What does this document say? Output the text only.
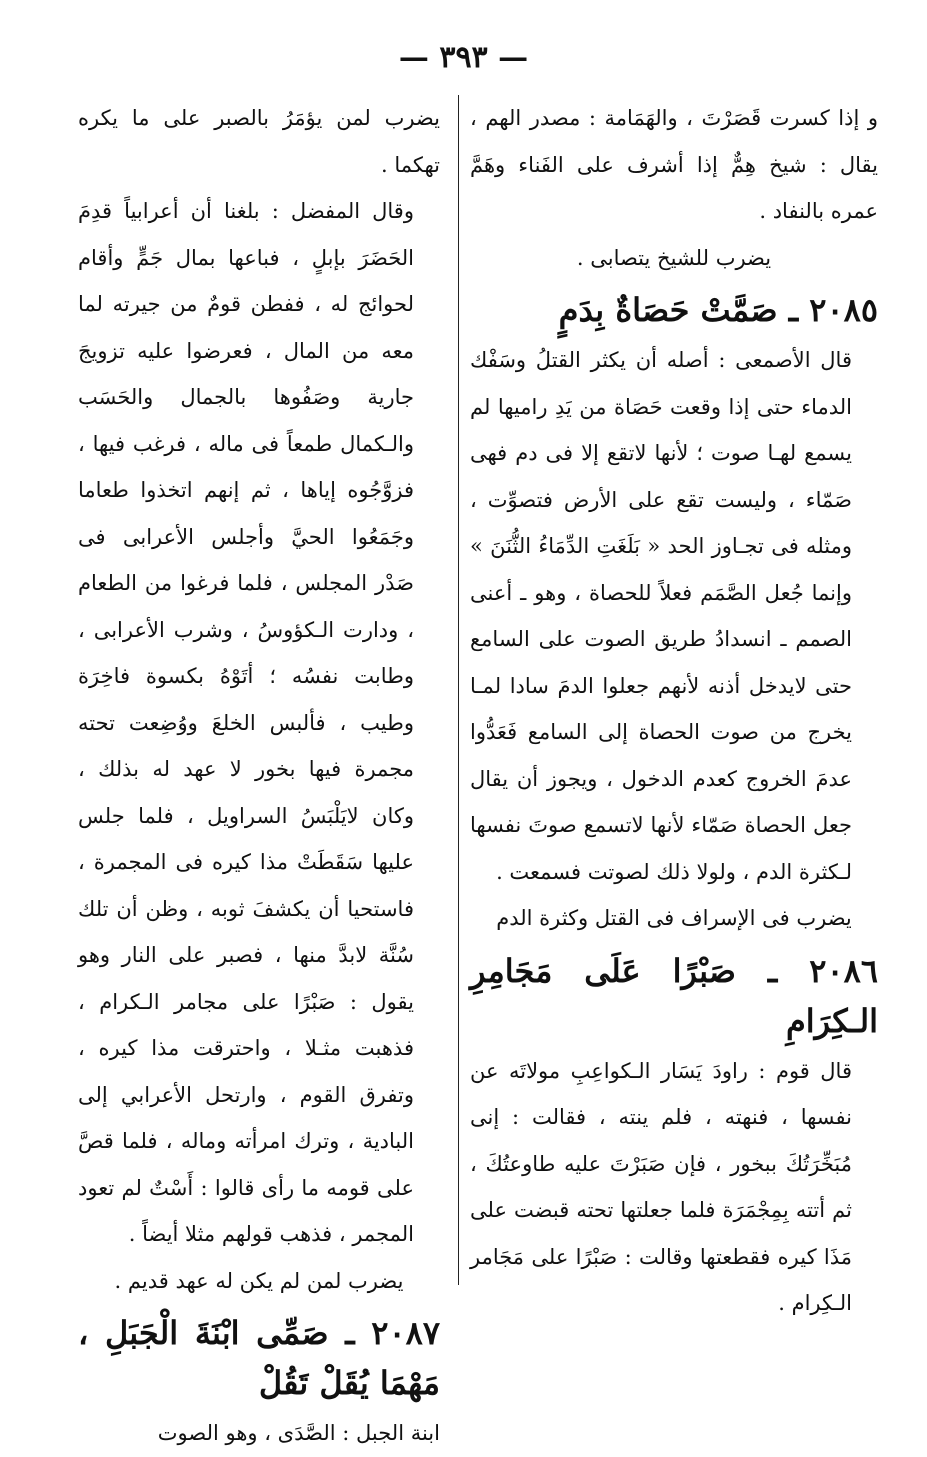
— ٣٩٣ —

و إذا كسرت قَصَرْتَ ، والهَمَامة : مصدر الهم ، يقال : شيخ هِمٌّ إذا أشرف على الفَناء وهَمَّ عمره بالنفاد .

يضرب للشيخ يتصابى .

٢٠٨٥ ـ صَمَّتْ حَصَاةٌ بِدَمٍ

قال الأصمعى : أصله أن يكثر القتلُ وسَفْك الدماء حتى إذا وقعت حَصَاة من يَدِ راميها لم يسمع لهـا صوت ؛ لأنها لاتقع إلا فى دم فهى صَمّاء ، وليست تقع على الأرض فتصوِّت ، ومثله فى تجـاوز الحد « بَلَغَتِ الدِّمَاءُ الثُّنَنَ » وإنما جُعل الصَّمَم فعلاً للحصاة ، وهو ـ أعنى الصمم ـ انسدادُ طريق الصوت على السامع حتى لايدخل أذنه لأنهم جعلوا الدمَ سادا لمـا يخرج من صوت الحصاة إلى السامع فَعَدُّوا عدمَ الخروج كعدم الدخول ، ويجوز أن يقال جعل الحصاة صَمّاء لأنها لاتسمع صوتَ نفسها لـكثرة الدم ، ولولا ذلك لصوتت فسمعت .

يضرب فى الإسراف فى القتل وكثرة الدم

٢٠٨٦ ـ صَبْرًا عَلَى مَجَامِرِ الـكِرَامِ

قال قوم : راودَ يَسَار الـكواعِبِ مولاتَه عن نفسها ، فنهته ، فلم ينته ، فقالت : إنى مُبَخِّرَتُكَ ببخور ، فإن صَبَرْتَ عليه طاوعتُكَ ، ثم أتته بِمِجْمَرَة فلما جعلتها تحته قبضت على مَذَا كيره فقطعتها وقالت : صَبْرًا على مَجَامر الـكِرام .

يضرب لمن يؤمَرُ بالصبر على ما يكره تهكما .

وقال المفضل : بلغنا أن أعرابياً قدِمَ الحَضَرَ بإبلٍ ، فباعها بمال جَمٍّ وأقام لحوائج له ، ففطن قومٌ من جيرته لما معه من المال ، فعرضوا عليه تزويجَ جارية وصَفُوها بالجمال والحَسَب والـكمال طمعاً فى ماله ، فرغب فيها ، فزوَّجُوه إياها ، ثم إنهم اتخذوا طعاما وجَمَعُوا الحيَّ وأجلس الأعرابى فى صَدْر المجلس ، فلما فرغوا من الطعام ، ودارت الـكؤوسُ ، وشرب الأعرابى ، وطابت نفسُه ؛ أتَوْهُ بكسوة فاخِرَة وطيب ، فألبس الخلعَ ووُضِعت تحته مجمرة فيها بخور لا عهد له بذلك ، وكان لايَلْبَسُ السراويل ، فلما جلس عليها سَقَطَتْ مذا كيره فى المجمرة ، فاستحيا أن يكشفَ ثوبه ، وظن أن تلك سُنَّة لابدَّ منها ، فصبر على النار وهو يقول : صَبْرًا على مجامر الـكرام ، فذهبت مثـلا ، واحترقت مذا كيره ، وتفرق القوم ، وارتحل الأعرابي إلى البادية ، وترك امرأته وماله ، فلما قصَّ على قومه ما رأى قالوا : أَسْتٌ لم تعود المجمر ، فذهب قولهم مثلا أيضاً .

يضرب لمن لم يكن له عهد قديم .

٢٠٨٧ ـ صَمِّى ابْنَةَ الْجَبَلِ ، مَهْمَا يُقَلْ تَقُلْ

ابنة الجبل : الصَّدَى ، وهو الصوت
